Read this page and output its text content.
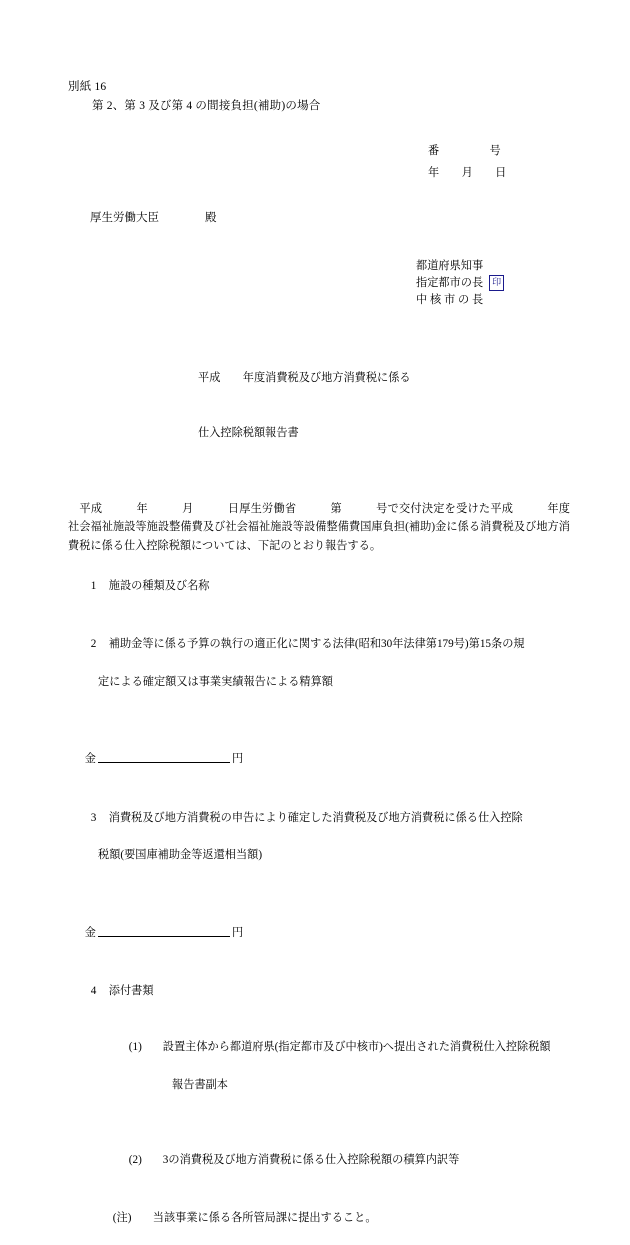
別紙 16
第 2、第 3 及び第 4 の間接負担(補助)の場合
番                  号
年        月        日
厚生労働大臣                殿
都道府県知事
指定都市の長 印
中 核 市 の 長

平成        年度消費税及び地方消費税に係る

仕入控除税額報告書

　平成　　　年　　　月　　　日厚生労働省　　　第　　　号で交付決定を受けた平成　　　年度社会福祉施設等施設整備費及び社会福祉施設等設備整備費国庫負担(補助)金に係る消費税及び地方消費税に係る仕入控除税額については、下記のとおり報告する。

1 施設の種類及び名称

2 補助金等に係る予算の執行の適正化に関する法律(昭和30年法律第179号)第15条の規

定による確定額又は事業実績報告による精算額

金	円

3 消費税及び地方消費税の申告により確定した消費税及び地方消費税に係る仕入控除

税額(要国庫補助金等返還相当額)

金	円

4 添付書類

(1) 設置主体から都道府県(指定都市及び中核市)へ提出された消費税仕入控除税額

報告書副本

(2) 3の消費税及び地方消費税に係る仕入控除税額の積算内訳等

(注) 当該事業に係る各所管局課に提出すること。
